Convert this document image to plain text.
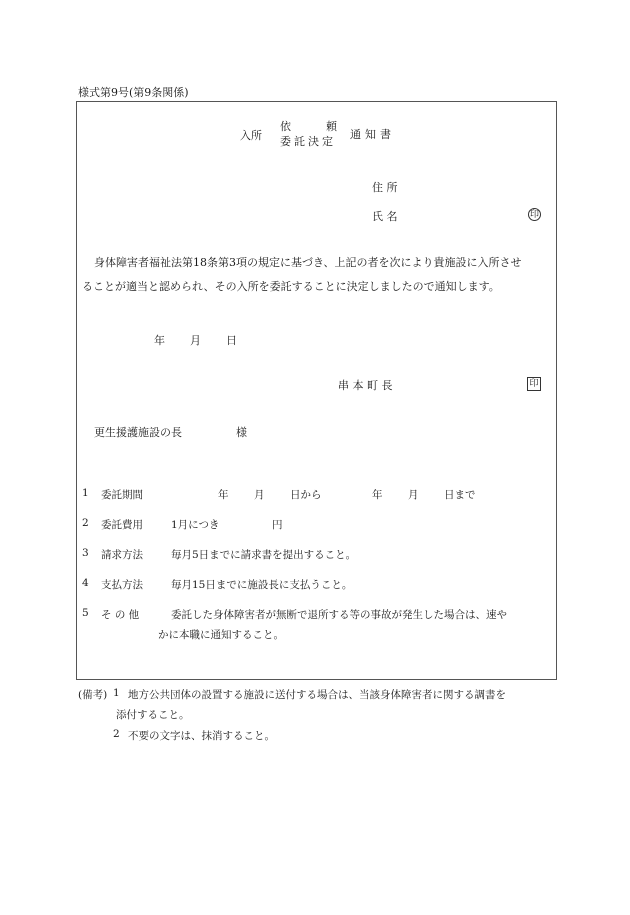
様式第9号(第9条関係)
入所
依	頼
委託決定
通知書
住 所
氏 名	印
身体障害者福祉法第18条第3項の規定に基づき、上記の者を次により貴施設に入所させ
ることが適当と認められ、その入所を委託することに決定しましたので通知します。
年 月 日
串 本 町 長	印
更生援護施設の長	様
1 委託期間	年 月 日から	年 月 日まで
2 委託費用	1月につき	円
3 請求方法	毎月5日までに請求書を提出すること。
4 支払方法	毎月15日までに施設長に支払うこと。
5 そ の 他	委託した身体障害者が無断で退所する等の事故が発生した場合は、速や
かに本職に通知すること。
(備考) 1 地方公共団体の設置する施設に送付する場合は、当該身体障害者に関する調書を
添付すること。
2 不要の文字は、抹消すること。
